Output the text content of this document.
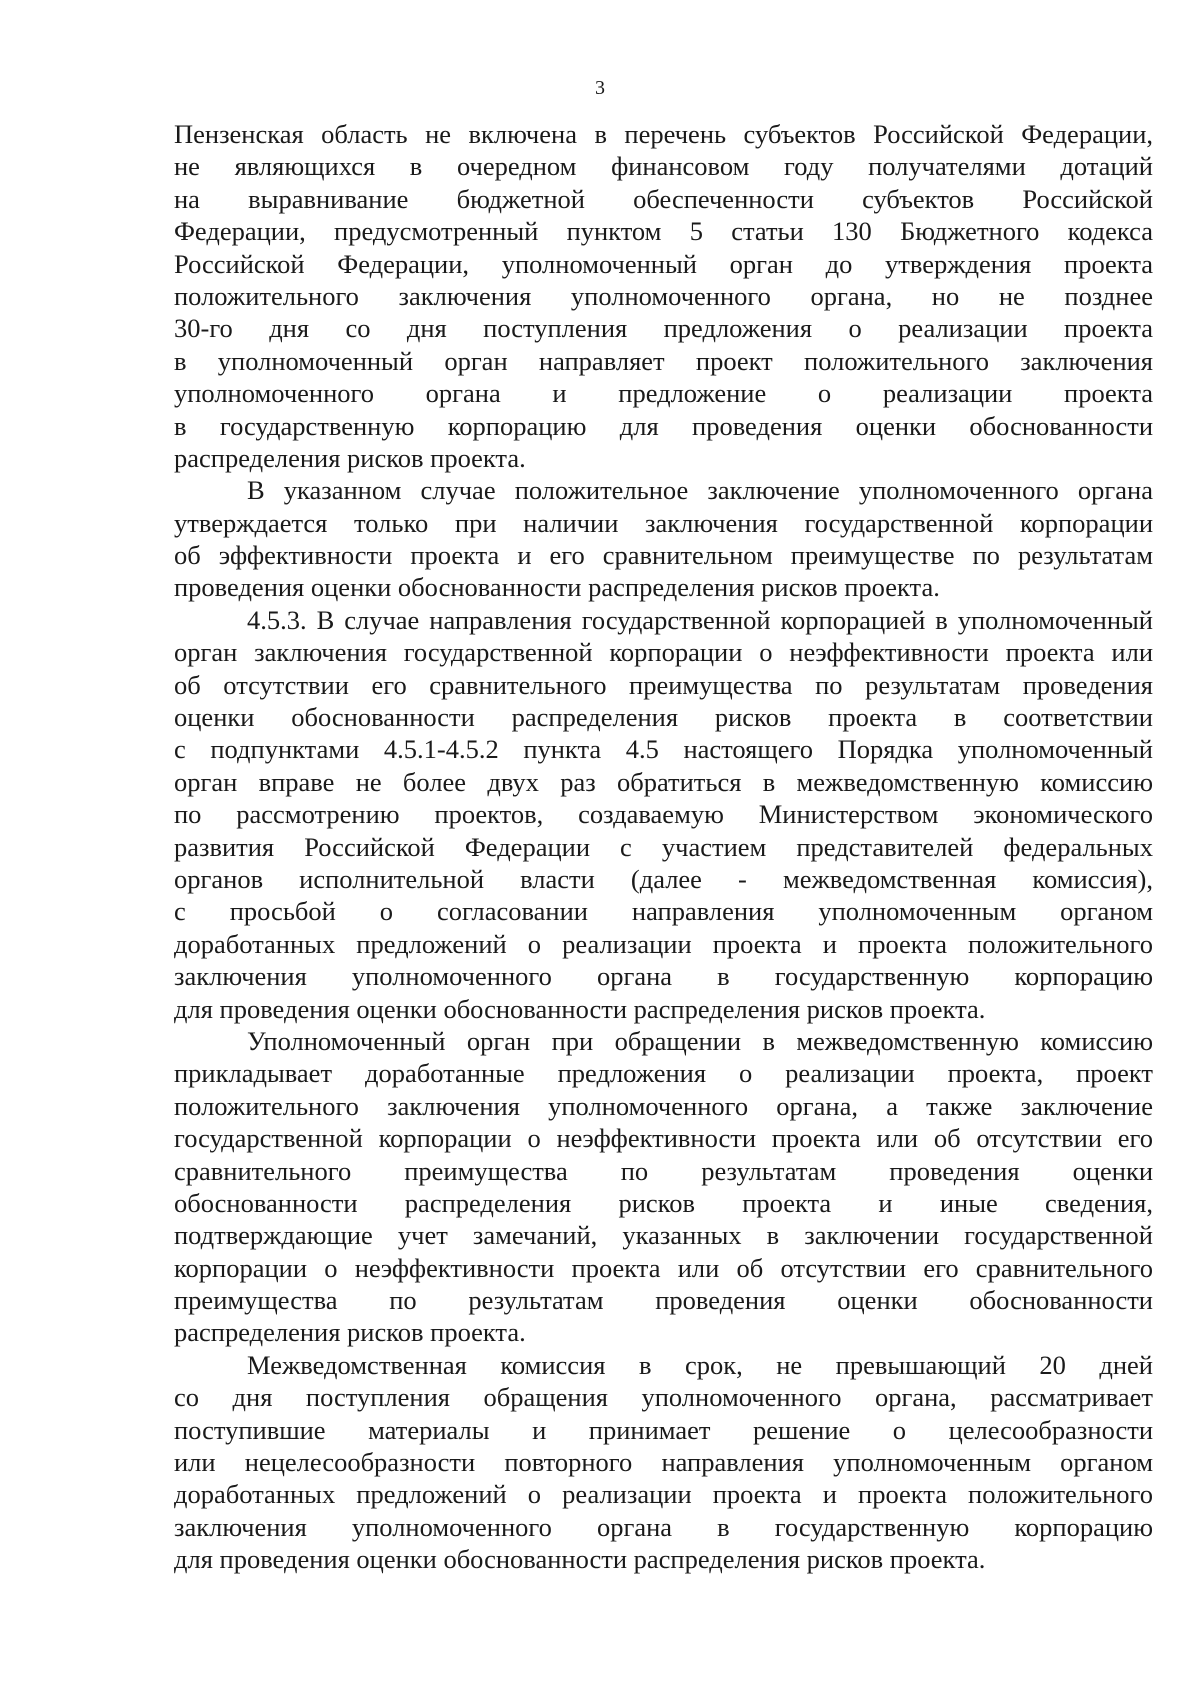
3
Пензенская область не включена в перечень субъектов Российской Федерации,
не являющихся в очередном финансовом году получателями дотаций
на выравнивание бюджетной обеспеченности субъектов Российской
Федерации, предусмотренный пунктом 5 статьи 130 Бюджетного кодекса
Российской Федерации, уполномоченный орган до утверждения проекта
положительного заключения уполномоченного органа, но не позднее
30-го дня со дня поступления предложения о реализации проекта
в уполномоченный орган направляет проект положительного заключения
уполномоченного органа и предложение о реализации проекта
в государственную корпорацию для проведения оценки обоснованности
распределения рисков проекта.
В указанном случае положительное заключение уполномоченного органа
утверждается только при наличии заключения государственной корпорации
об эффективности проекта и его сравнительном преимуществе по результатам
проведения оценки обоснованности распределения рисков проекта.
4.5.3. В случае направления государственной корпорацией в уполномоченный
орган заключения государственной корпорации о неэффективности проекта или
об отсутствии его сравнительного преимущества по результатам проведения
оценки обоснованности распределения рисков проекта в соответствии
с подпунктами 4.5.1-4.5.2 пункта 4.5 настоящего Порядка уполномоченный
орган вправе не более двух раз обратиться в межведомственную комиссию
по рассмотрению проектов, создаваемую Министерством экономического
развития Российской Федерации с участием представителей федеральных
органов исполнительной власти (далее - межведомственная комиссия),
с просьбой о согласовании направления уполномоченным органом
доработанных предложений о реализации проекта и проекта положительного
заключения уполномоченного органа в государственную корпорацию
для проведения оценки обоснованности распределения рисков проекта.
Уполномоченный орган при обращении в межведомственную комиссию
прикладывает доработанные предложения о реализации проекта, проект
положительного заключения уполномоченного органа, а также заключение
государственной корпорации о неэффективности проекта или об отсутствии его
сравнительного преимущества по результатам проведения оценки
обоснованности распределения рисков проекта и иные сведения,
подтверждающие учет замечаний, указанных в заключении государственной
корпорации о неэффективности проекта или об отсутствии его сравнительного
преимущества по результатам проведения оценки обоснованности
распределения рисков проекта.
Межведомственная комиссия в срок, не превышающий 20 дней
со дня поступления обращения уполномоченного органа, рассматривает
поступившие материалы и принимает решение о целесообразности
или нецелесообразности повторного направления уполномоченным органом
доработанных предложений о реализации проекта и проекта положительного
заключения уполномоченного органа в государственную корпорацию
для проведения оценки обоснованности распределения рисков проекта.
